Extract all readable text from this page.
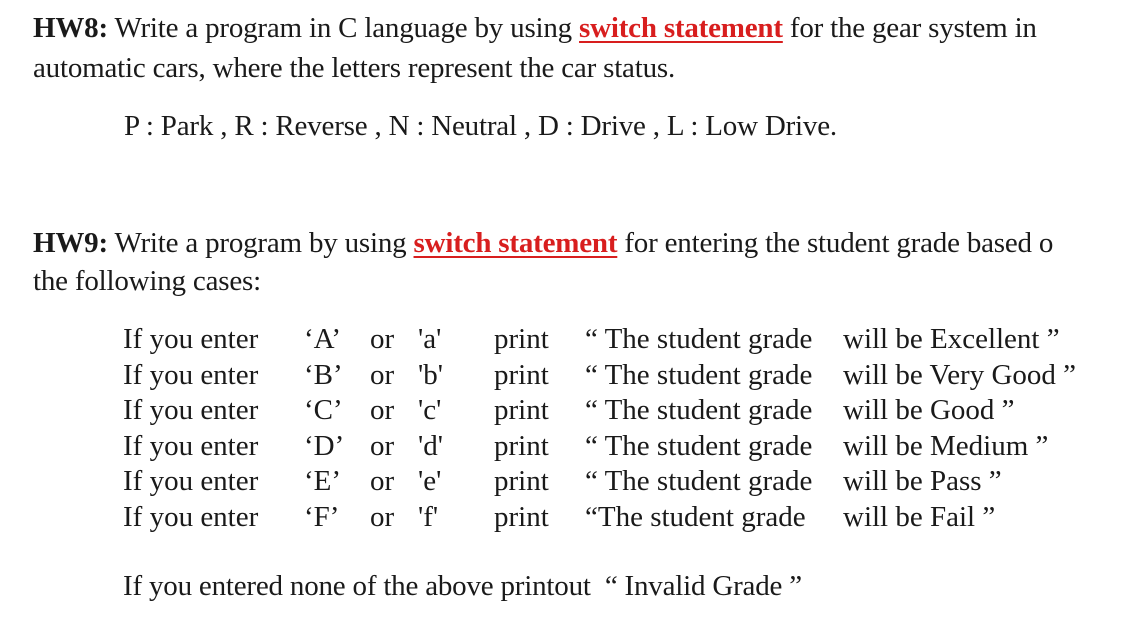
HW8: Write a program in C language by using switch statement for the gear system in
automatic cars, where the letters represent the car status.
P : Park , R : Reverse , N : Neutral , D : Drive , L : Low Drive.
HW9: Write a program by using switch statement for entering the student grade based o
the following cases:
If you enter ‘A’ or 'a' print “ The student grade will be Excellent ”
If you enter ‘B’ or 'b' print “ The student grade will be Very Good ”
If you enter ‘C’ or 'c' print “ The student grade will be Good ”
If you enter ‘D’ or 'd' print “ The student grade will be Medium ”
If you enter ‘E’ or 'e' print “ The student grade will be Pass ”
If you enter ‘F’ or 'f' print “The student grade will be Fail ”
If you entered none of the above printout  “ Invalid Grade ”
